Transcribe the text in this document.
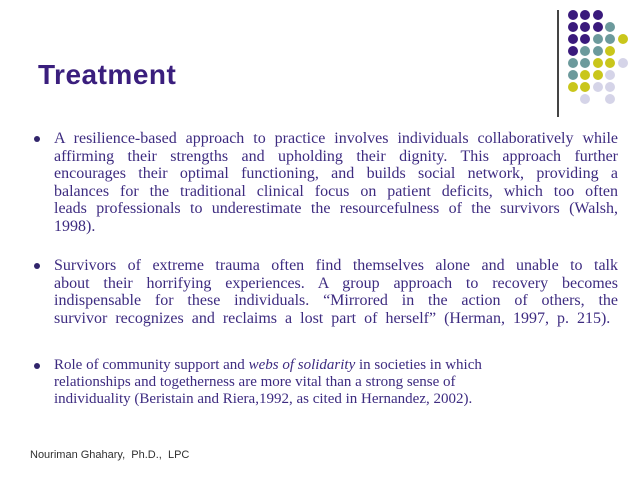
Treatment
A resilience-based approach to practice involves individuals collaboratively while affirming their strengths and upholding their dignity. This approach further encourages their optimal functioning, and builds social network, providing a balances for the traditional clinical focus on patient deficits, which too often leads professionals to underestimate the resourcefulness of the survivors (Walsh, 1998).
Survivors of extreme trauma often find themselves alone and unable to talk about their horrifying experiences. A group approach to recovery becomes indispensable for these individuals. “Mirrored in the action of others, the survivor recognizes and reclaims a lost part of herself” (Herman, 1997, p. 215).
Role of community support and webs of solidarity in societies in which relationships and togetherness are more vital than a strong sense of individuality (Beristain and Riera,1992, as cited in Hernandez, 2002).

Nouriman Ghahary,  Ph.D.,  LPC
